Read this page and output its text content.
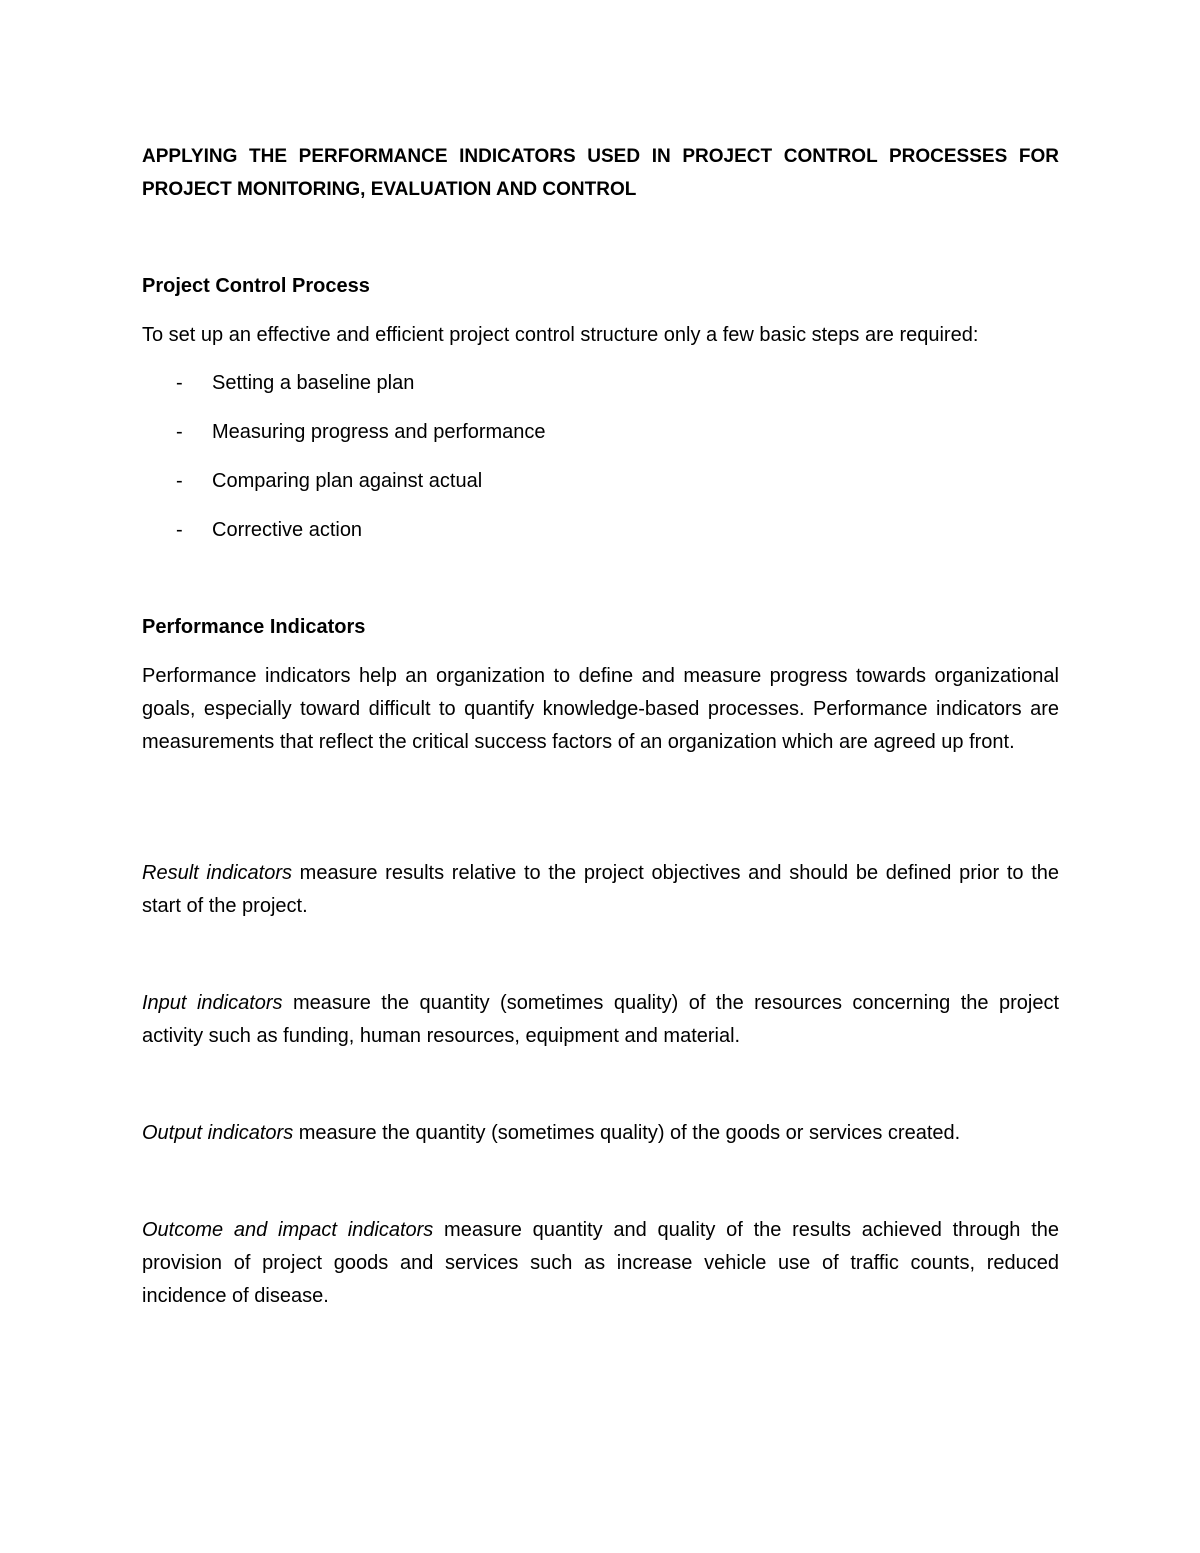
APPLYING THE PERFORMANCE INDICATORS USED IN PROJECT CONTROL PROCESSES FOR PROJECT MONITORING, EVALUATION AND CONTROL
Project Control Process
To set up an effective and efficient project control structure only a few basic steps are required:
- Setting a baseline plan
- Measuring progress and performance
- Comparing plan against actual
- Corrective action
Performance Indicators
Performance indicators help an organization to define and measure progress towards organizational goals, especially toward difficult to quantify knowledge-based processes. Performance indicators are measurements that reflect the critical success factors of an organization which are agreed up front.
Result indicators measure results relative to the project objectives and should be defined prior to the start of the project.
Input indicators measure the quantity (sometimes quality) of the resources concerning the project activity such as funding, human resources, equipment and material.
Output indicators measure the quantity (sometimes quality) of the goods or services created.
Outcome and impact indicators measure quantity and quality of the results achieved through the provision of project goods and services such as increase vehicle use of traffic counts, reduced incidence of disease.
